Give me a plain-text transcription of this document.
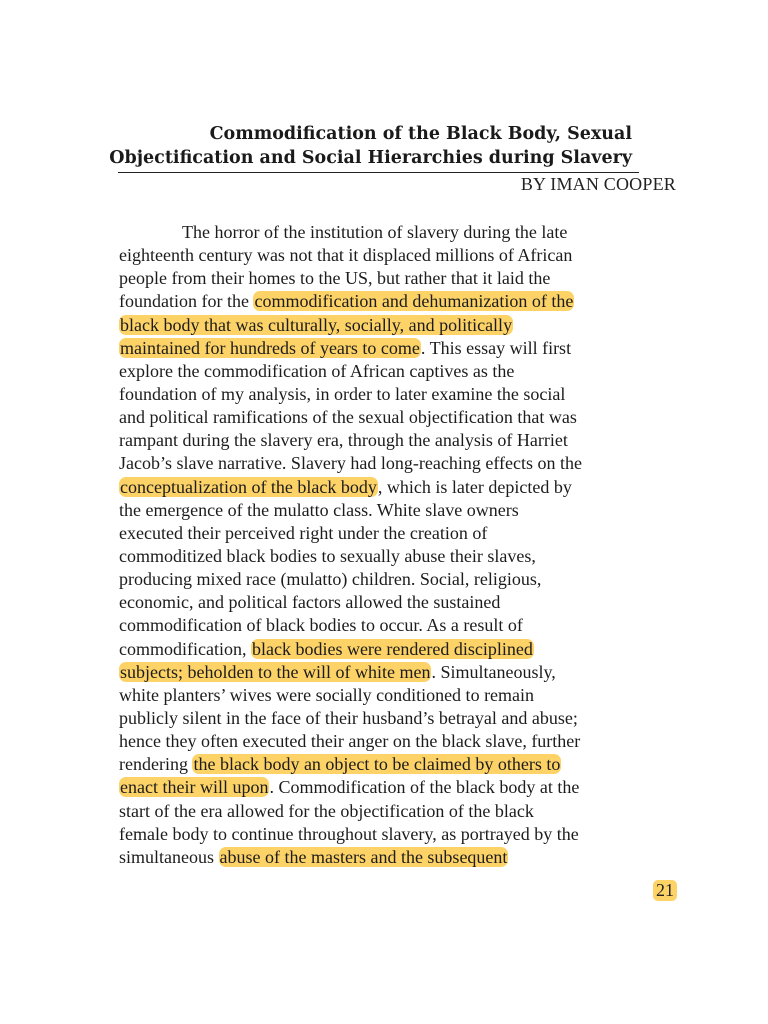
Commodification of the Black Body, Sexual
Objectification and Social Hierarchies during Slavery
BY IMAN COOPER
The horror of the institution of slavery during the late
eighteenth century was not that it displaced millions of African
people from their homes to the US, but rather that it laid the
foundation for the commodification and dehumanization of the
black body that was culturally, socially, and politically
maintained for hundreds of years to come. This essay will first
explore the commodification of African captives as the
foundation of my analysis, in order to later examine the social
and political ramifications of the sexual objectification that was
rampant during the slavery era, through the analysis of Harriet
Jacob’s slave narrative. Slavery had long-reaching effects on the
conceptualization of the black body, which is later depicted by
the emergence of the mulatto class. White slave owners
executed their perceived right under the creation of
commoditized black bodies to sexually abuse their slaves,
producing mixed race (mulatto) children. Social, religious,
economic, and political factors allowed the sustained
commodification of black bodies to occur. As a result of
commodification, black bodies were rendered disciplined
subjects; beholden to the will of white men. Simultaneously,
white planters’ wives were socially conditioned to remain
publicly silent in the face of their husband’s betrayal and abuse;
hence they often executed their anger on the black slave, further
rendering the black body an object to be claimed by others to
enact their will upon. Commodification of the black body at the
start of the era allowed for the objectification of the black
female body to continue throughout slavery, as portrayed by the
simultaneous abuse of the masters and the subsequent
21
